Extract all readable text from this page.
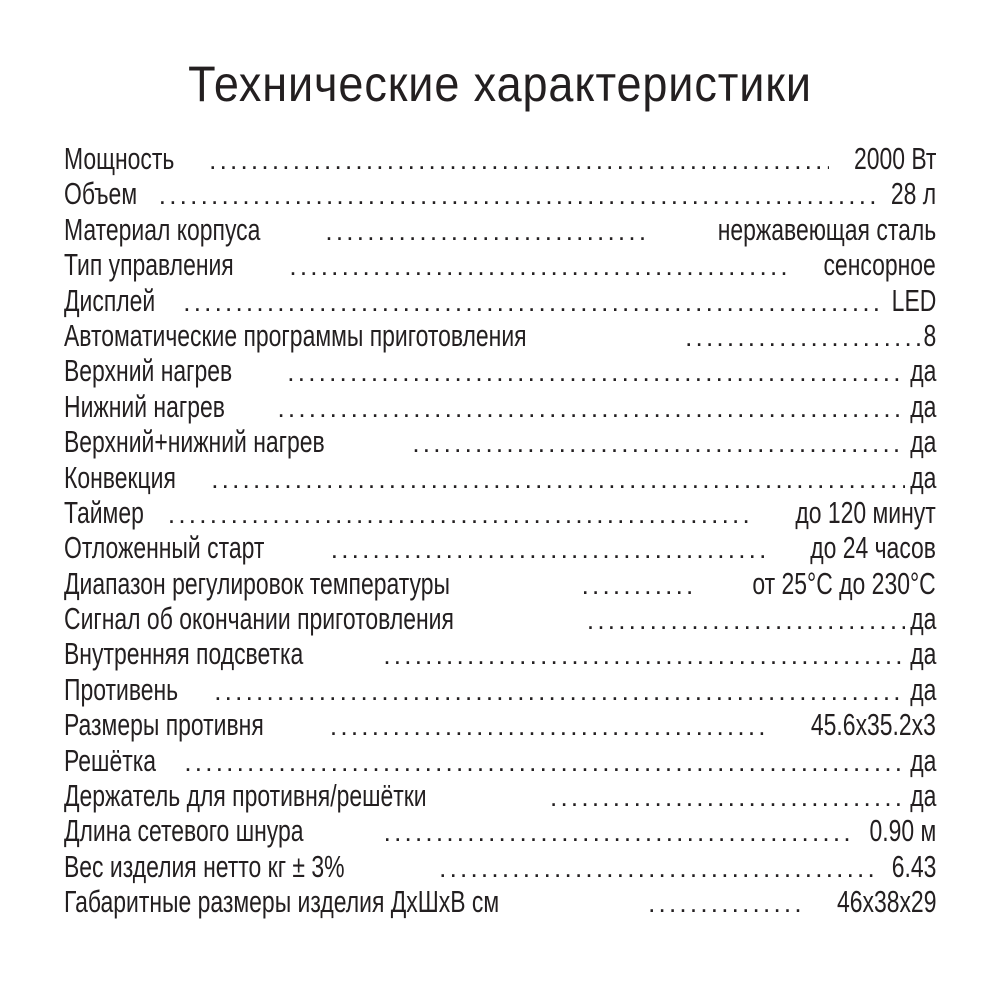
Технические характеристики
Мощность . . .	2000 Вт
Объем . . .	28 л
Материал корпуса . . .	нержавеющая сталь
Тип управления . . .	сенсорное
Дисплей . . .	LED
Автоматические программы приготовления . . .	8
Верхний нагрев . . .	да
Нижний нагрев . . .	да
Верхний+нижний нагрев . . .	да
Конвекция . . .	да
Таймер . . .	до 120 минут
Отложенный старт . . .	до 24 часов
Диапазон регулировок температуры . . .	от 25°С до 230°С
Сигнал об окончании приготовления . . .	да
Внутренняя подсветка . . .	да
Противень . . .	да
Размеры противня . . .	45.6х35.2х3
Решётка . . .	да
Держатель для противня/решётки . . .	да
Длина сетевого шнура . . .	0.90 м
Вес изделия нетто кг ± 3% . . .	6.43
Габаритные размеры изделия ДхШхВ см . . .	46х38х29
